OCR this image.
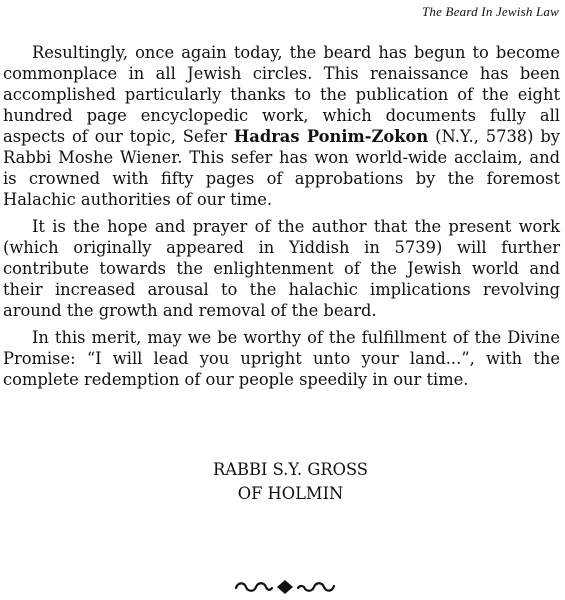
The Beard In Jewish Law

Resultingly, once again today, the beard has begun to become commonplace in all Jewish circles. This renaissance has been accomplished particularly thanks to the publication of the eight hundred page encyclopedic work, which documents fully all aspects of our topic, Sefer Hadras Ponim-Zokon (N.Y., 5738) by Rabbi Moshe Wiener. This sefer has won world-wide acclaim, and is crowned with fifty pages of approbations by the foremost Halachic authorities of our time.

It is the hope and prayer of the author that the present work (which originally appeared in Yiddish in 5739) will further contribute towards the enlightenment of the Jewish world and their increased arousal to the halachic implications revolving around the growth and removal of the beard.

In this merit, may we be worthy of the fulfillment of the Divine Promise: “I will lead you upright unto your land...”, with the complete redemption of our people speedily in our time.

RABBI S.Y. GROSS
OF HOLMIN
